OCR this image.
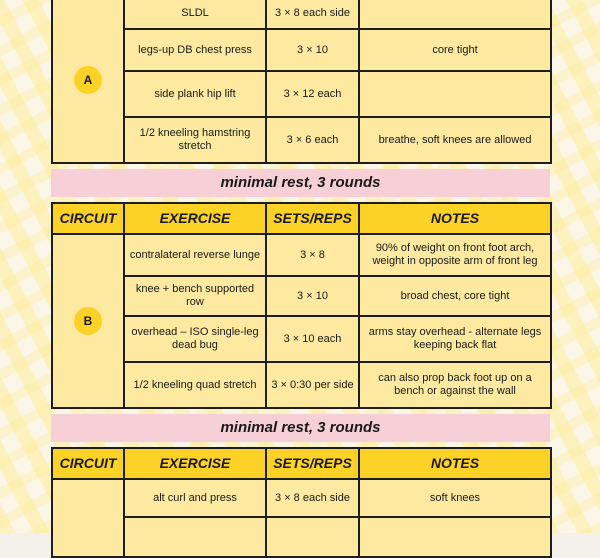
A	SLDL	3 × 8 each side	
	legs-up DB chest press	3 × 10	core tight
	side plank hip lift	3 × 12 each	
	1/2 kneeling hamstring stretch	3 × 6 each	breathe, soft knees are allowed
minimal rest, 3 rounds
CIRCUIT	EXERCISE	SETS/REPS	NOTES
B	contralateral reverse lunge	3 × 8	90% of weight on front foot arch, weight in opposite arm of front leg
	knee + bench supported row	3 × 10	broad chest, core tight
	overhead – ISO single-leg dead bug	3 × 10 each	arms stay overhead - alternate legs keeping back flat
	1/2 kneeling quad stretch	3 × 0:30 per side	can also prop back foot up on a bench or against the wall
minimal rest, 3 rounds
CIRCUIT	EXERCISE	SETS/REPS	NOTES
	alt curl and press	3 × 8 each side	soft knees
